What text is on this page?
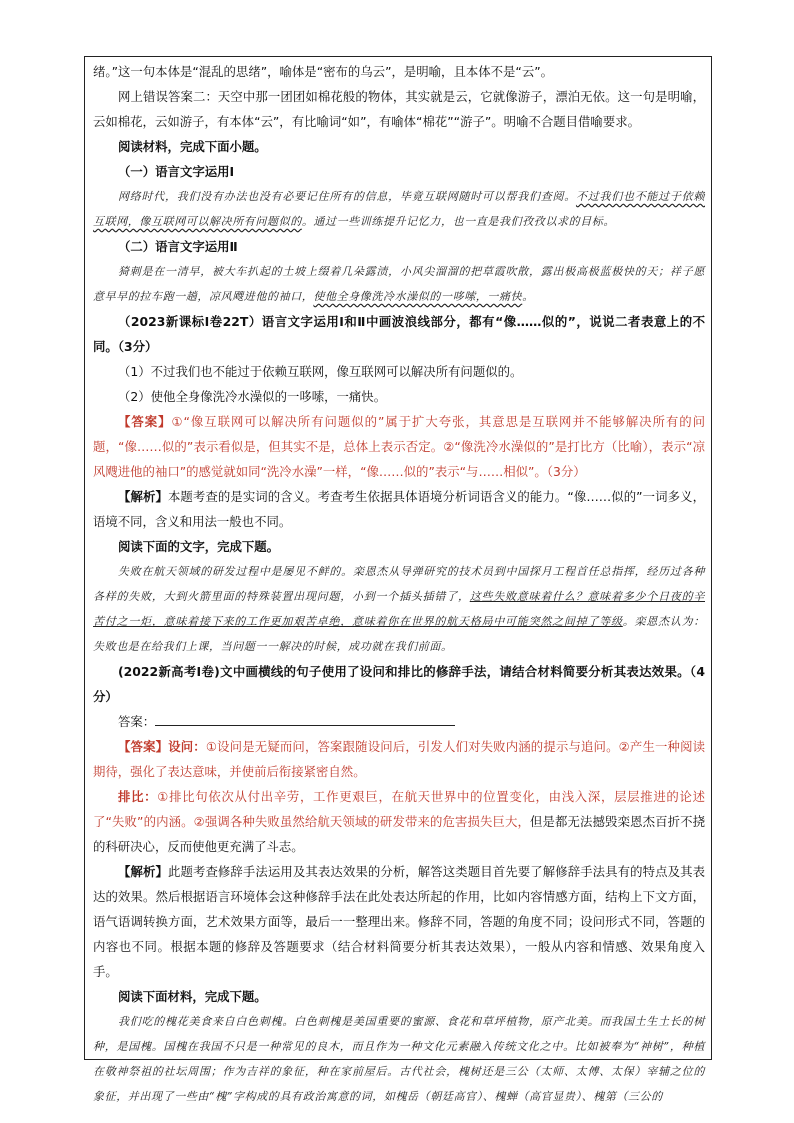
绪。”这一句本体是“混乱的思绪”，喻体是“密布的乌云”，是明喻，且本体不是“云”。

网上错误答案二：天空中那一团团如棉花般的物体，其实就是云，它就像游子，漂泊无依。这一句是明喻，云如棉花，云如游子，有本体“云”，有比喻词“如”，有喻体“棉花”“游子”。明喻不合题目借喻要求。

阅读材料，完成下面小题。

（一）语言文字运用Ⅰ

网络时代，我们没有办法也没有必要记住所有的信息，毕竟互联网随时可以帮我们查阅。不过我们也不能过于依赖互联网，像互联网可以解决所有问题似的。通过一些训练提升记忆力，也一直是我们孜孜以求的目标。

（二）语言文字运用Ⅱ

猗刺是在一清早，被大车扒起的土坡上缀着几朵露渍，小风尖溜溜的把草霞吹散，露出极高极蓝极快的天；祥子愿意早早的拉车跑一趟，凉风飕进他的袖口，使他全身像洗冷水澡似的一哆嗦，一痛快。

（2023新课标Ⅰ卷22T）语言文字运用Ⅰ和Ⅱ中画波浪线部分，都有“像……似的”，说说二者表意上的不同。（3分）

（1）不过我们也不能过于依赖互联网，像互联网可以解决所有问题似的。

（2）使他全身像洗冷水澡似的一哆嗦，一痛快。

【答案】①“像互联网可以解决所有问题似的”属于扩大夸张，其意思是互联网并不能够解决所有的问题，“像……似的”表示看似是，但其实不是，总体上表示否定。②“像洗冷水澡似的”是打比方（比喻），表示“凉风飕进他的袖口”的感觉就如同“洗冷水澡”一样，“像……似的”表示“与……相似”。（3分）

【解析】本题考查的是实词的含义。考查考生依据具体语境分析词语含义的能力。“像……似的”一词多义，语境不同，含义和用法一般也不同。

阅读下面的文字，完成下题。

失败在航天领域的研发过程中是屡见不鲜的。栾恩杰从导弹研究的技术员到中国探月工程首任总指挥，经历过各种各样的失败，大到火箭里面的特殊装置出现问题，小到一个插头插错了，这些失败意味着什么？意味着多少个日夜的辛苦付之一炬，意味着接下来的工作更加艰苦卓绝，意味着你在世界的航天格局中可能突然之间掉了等级。栾恩杰认为：失败也是在给我们上课，当问题一一解决的时候，成功就在我们前面。

(2022新高考Ⅰ卷)文中画横线的句子使用了设问和排比的修辞手法，请结合材料简要分析其表达效果。（4分）

答案：

【答案】设问：①设问是无疑而问，答案跟随设问后，引发人们对失败内涵的提示与追问。②产生一种阅读期待，强化了表达意味，并使前后衔接紧密自然。

排比：①排比句依次从付出辛劳，工作更艰巨，在航天世界中的位置变化，由浅入深，层层推进的论述了“失败”的内涵。②强调各种失败虽然给航天领域的研发带来的危害损失巨大，但是都无法撼毁栾恩杰百折不挠的科研决心，反而使他更充满了斗志。

【解析】此题考查修辞手法运用及其表达效果的分析，解答这类题目首先要了解修辞手法具有的特点及其表达的效果。然后根据语言环境体会这种修辞手法在此处表达所起的作用，比如内容情感方面，结构上下文方面，语气语调转换方面，艺术效果方面等，最后一一整理出来。修辞不同，答题的角度不同；设问形式不同，答题的内容也不同。根据本题的修辞及答题要求（结合材料简要分析其表达效果），一般从内容和情感、效果角度入手。

阅读下面材料，完成下题。

我们吃的槐花美食来自白色刺槐。白色刺槐是美国重要的蜜源、食花和草坪植物，原产北美。而我国土生土长的树种，是国槐。国槐在我国不只是一种常见的良木，而且作为一种文化元素融入传统文化之中。比如被奉为“神树”，种植在敬神祭祖的社坛周围；作为吉祥的象征，种在家前屋后。古代社会，槐树还是三公（太师、太傅、太保）宰辅之位的象征，并出现了一些由“槐”字构成的具有政治寓意的词，如槐岳（朝廷高官）、槐蝉（高官显贵）、槐第（三公的
